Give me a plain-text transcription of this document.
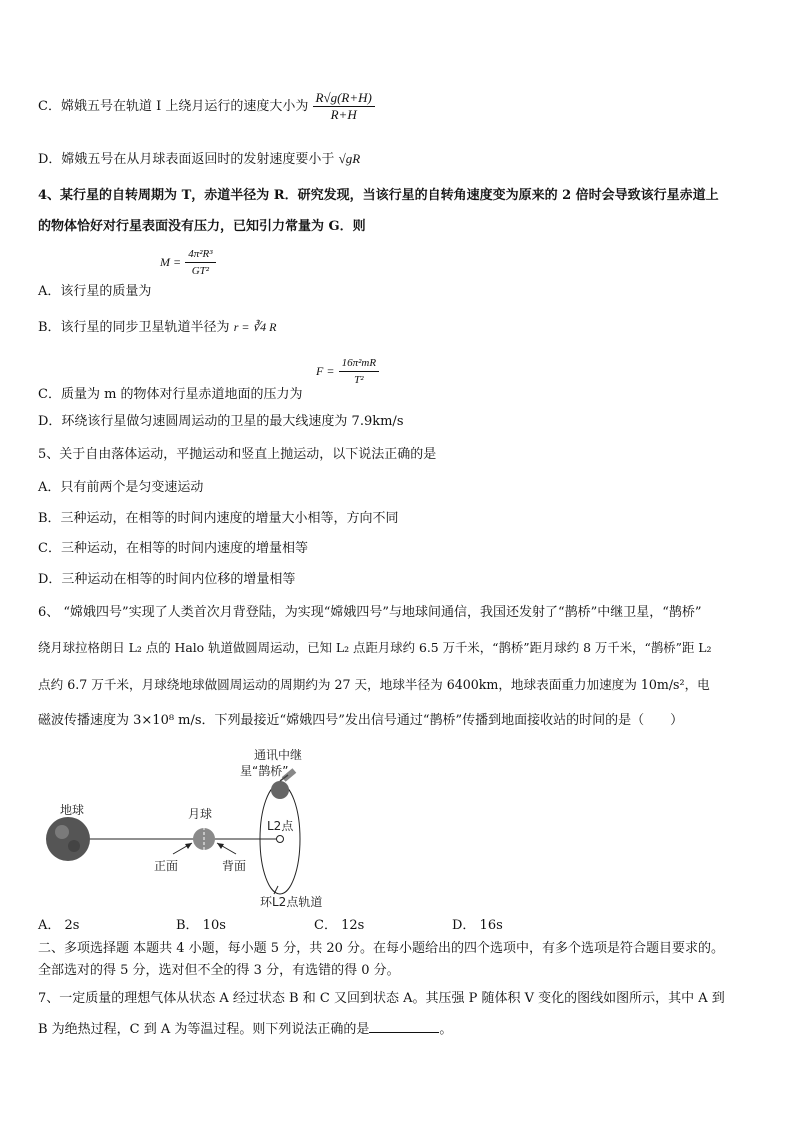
C．嫦娥五号在轨道 I 上绕月运行的速度大小为 $\frac{R√g(R+H)}{R+H}$
D．嫦娥五号在从月球表面返回时的发射速度要小于 √gR
4、某行星的自转周期为 T，赤道半径为 R．研究发现，当该行星的自转角速度变为原来的 2 倍时会导致该行星赤道上
的物体恰好对行星表面没有压力，已知引力常量为 G．则
$M = \frac{\text{4π²R³}}{\text{GT²}}$
A．该行星的质量为
B．该行星的同步卫星轨道半径为 r = ∛4 R
$F = \frac{\text{16π²mR}}{\text{T²}}$
C．质量为 m 的物体对行星赤道地面的压力为
D．环绕该行星做匀速圆周运动的卫星的最大线速度为 7.9km/s
5、关于自由落体运动，平抛运动和竖直上抛运动，以下说法正确的是
A．只有前两个是匀变速运动
B．三种运动，在相等的时间内速度的增量大小相等，方向不同
C．三种运动，在相等的时间内速度的增量相等
D．三种运动在相等的时间内位移的增量相等
6、 “嫦娥四号”实现了人类首次月背登陆，为实现“嫦娥四号”与地球间通信，我国还发射了“鹊桥”中继卫星，“鹊桥”
绕月球拉格朗日 L₂ 点的 Halo 轨道做圆周运动，已知 L₂ 点距月球约 6.5 万千米，“鹊桥”距月球约 8 万千米，“鹊桥”距 L₂
点约 6.7 万千米，月球绕地球做圆周运动的周期约为 27 天，地球半径为 6400km，地球表面重力加速度为 10m/s²，电
磁波传播速度为 3×10⁸ m/s．下列最接近“嫦娥四号”发出信号通过“鹊桥”传播到地面接收站的时间的是（　　）
地球	月球
正面	背面
L2点
通讯中继
星“鹊桥”
环L2点轨道
A． 2s	B． 10s	C． 12s	D． 16s
二、多项选择题 本题共 4 小题，每小题 5 分，共 20 分。在每小题给出的四个选项中，有多个选项是符合题目要求的。
全部选对的得 5 分，选对但不全的得 3 分，有选错的得 0 分。
7、一定质量的理想气体从状态 A 经过状态 B 和 C 又回到状态 A。其压强 P 随体积 V 变化的图线如图所示，其中 A 到
B 为绝热过程，C 到 A 为等温过程。则下列说法正确的是	。
